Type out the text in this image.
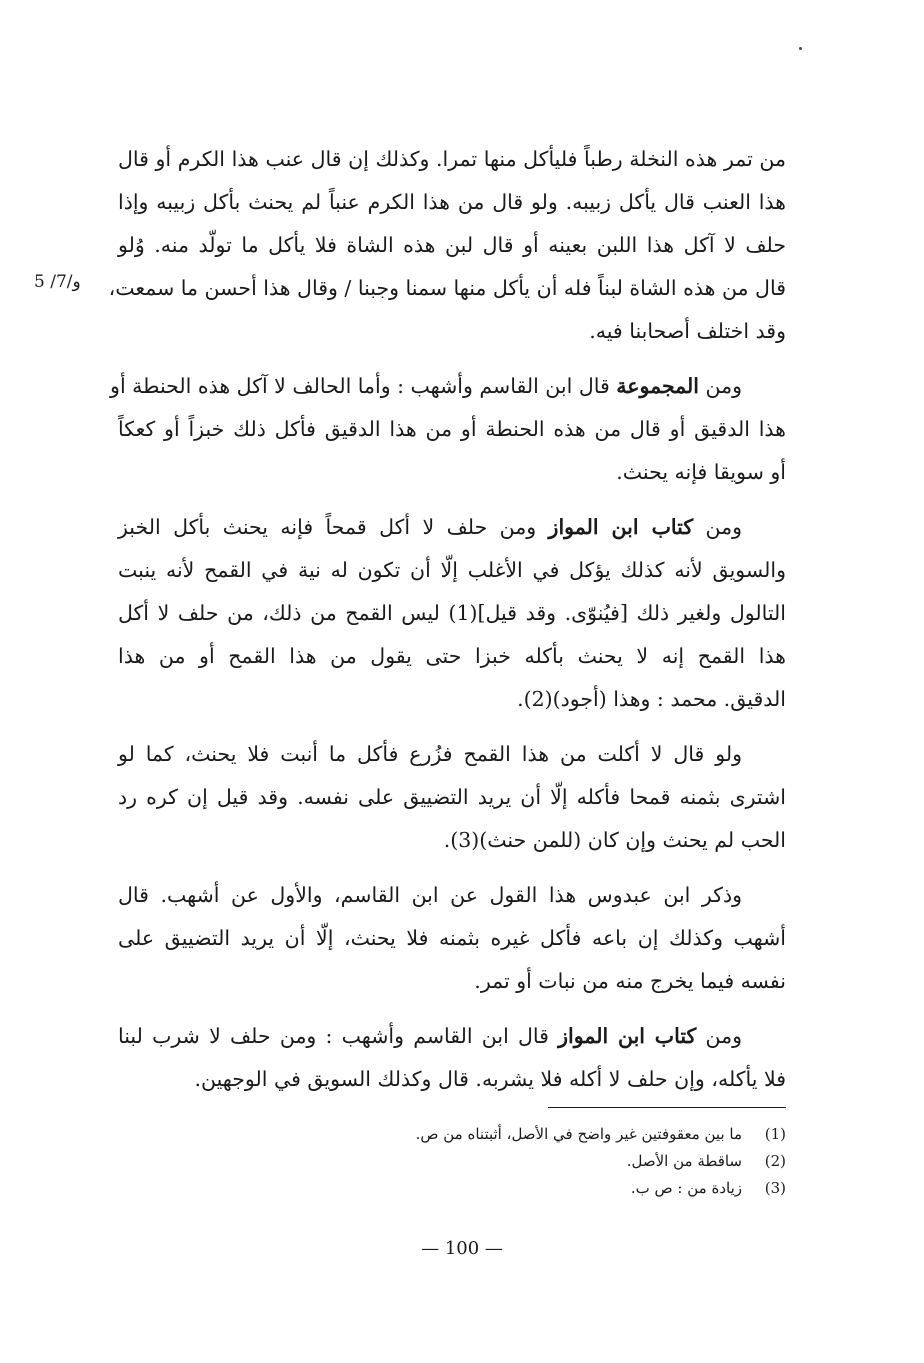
و/7/ 5
من تمر هذه النخلة رطباً فليأكل منها تمرا. وكذلك إن قال عنب هذا الكرم أو قال
هذا العنب قال يأكل زبيبه. ولو قال من هذا الكرم عنباً لم يحنث بأكل زبيبه وإذا
حلف لا آكل هذا اللبن بعينه أو قال لبن هذه الشاة فلا يأكل ما تولّد منه. وُلو
قال من هذه الشاة لبناً فله أن يأكل منها سمنا وجبنا / وقال هذا أحسن ما سمعت،
وقد اختلف أصحابنا فيه.
ومن المجموعة قال ابن القاسم وأشهب : وأما الحالف لا آكل هذه الحنطة أو
هذا الدقيق أو قال من هذه الحنطة أو من هذا الدقيق فأكل ذلك خبزاً أو كعكاً
أو سويقا فإنه يحنث.
ومن كتاب ابن المواز ومن حلف لا أكل قمحاً فإنه يحنث بأكل الخبز
والسويق لأنه كذلك يؤكل في الأغلب إلّا أن تكون له نية في القمح لأنه ينبت
التالول ولغير ذلك [فيُنوّى. وقد قيل](1) ليس القمح من ذلك، من حلف لا أكل
هذا القمح إنه لا يحنث بأكله خبزا حتى يقول من هذا القمح أو من هذا
الدقيق. محمد : وهذا (أجود)(2).
ولو قال لا أكلت من هذا القمح فزُرع فأكل ما أنبت فلا يحنث، كما لو
اشترى بثمنه قمحا فأكله إلّا أن يريد التضييق على نفسه. وقد قيل إن كره رد
الحب لم يحنث وإن كان (للمن حنث)(3).
وذكر ابن عبدوس هذا القول عن ابن القاسم، والأول عن أشهب. قال
أشهب وكذلك إن باعه فأكل غيره بثمنه فلا يحنث، إلّا أن يريد التضييق على
نفسه فيما يخرج منه من نبات أو تمر.
ومن كتاب ابن المواز قال ابن القاسم وأشهب : ومن حلف لا شرب لبنا
فلا يأكله، وإن حلف لا أكله فلا يشربه. قال وكذلك السويق في الوجهين.
(1)
ما بين معقوفتين غير واضح في الأصل، أثبتناه من ص.
(2)
ساقطة من الأصل.
(3)
زيادة من : ص ب.
— 100 —
